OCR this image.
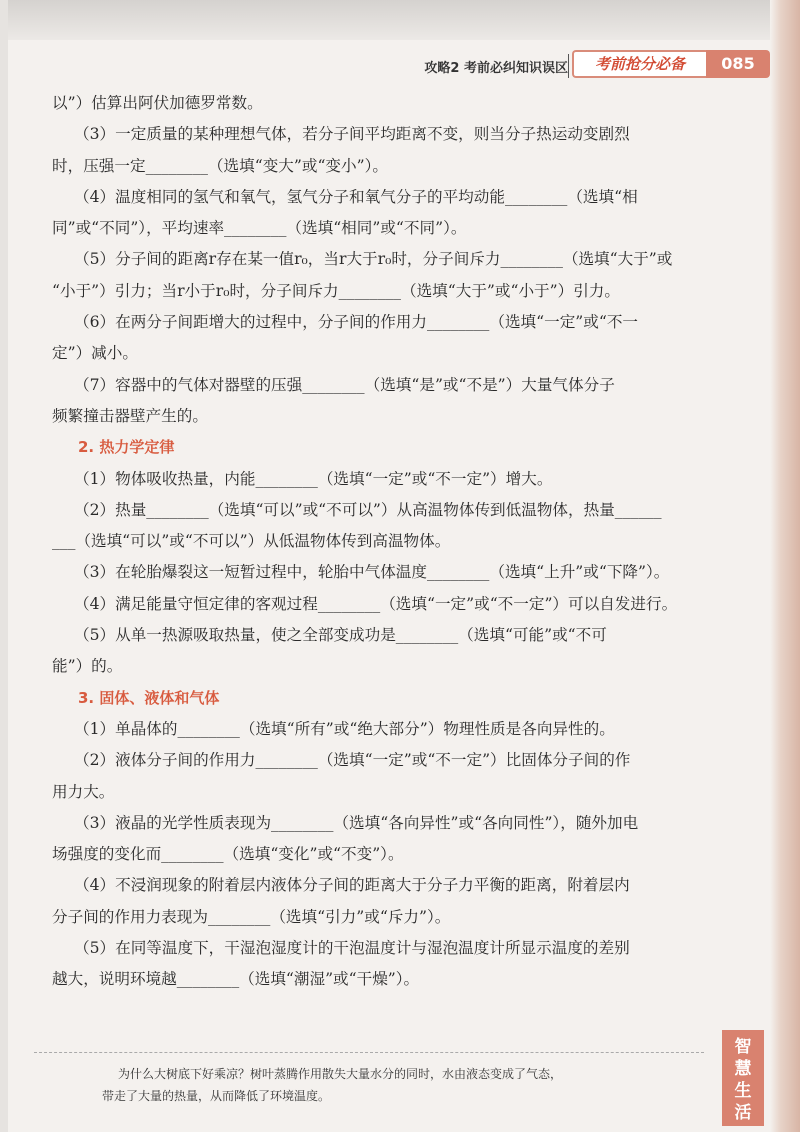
攻略2 考前必纠知识误区	考前抢分必备	085
以”）估算出阿伏加德罗常数。
（3）一定质量的某种理想气体，若分子间平均距离不变，则当分子热运动变剧烈
时，压强一定________（选填“变大”或“变小”）。
（4）温度相同的氢气和氧气，氢气分子和氧气分子的平均动能________（选填“相
同”或“不同”），平均速率________（选填“相同”或“不同”）。
（5）分子间的距离r存在某一值r₀，当r大于r₀时，分子间斥力________（选填“大于”或
“小于”）引力；当r小于r₀时，分子间斥力________（选填“大于”或“小于”）引力。
（6）在两分子间距增大的过程中，分子间的作用力________（选填“一定”或“不一
定”）减小。
（7）容器中的气体对器壁的压强________（选填“是”或“不是”）大量气体分子
频繁撞击器壁产生的。
2. 热力学定律
（1）物体吸收热量，内能________（选填“一定”或“不一定”）增大。
（2）热量________（选填“可以”或“不可以”）从高温物体传到低温物体，热量______
___（选填“可以”或“不可以”）从低温物体传到高温物体。
（3）在轮胎爆裂这一短暂过程中，轮胎中气体温度________（选填“上升”或“下降”）。
（4）满足能量守恒定律的客观过程________（选填“一定”或“不一定”）可以自发进行。
（5）从单一热源吸取热量，使之全部变成功是________（选填“可能”或“不可
能”）的。
3. 固体、液体和气体
（1）单晶体的________（选填“所有”或“绝大部分”）物理性质是各向异性的。
（2）液体分子间的作用力________（选填“一定”或“不一定”）比固体分子间的作
用力大。
（3）液晶的光学性质表现为________（选填“各向异性”或“各向同性”），随外加电
场强度的变化而________（选填“变化”或“不变”）。
（4）不浸润现象的附着层内液体分子间的距离大于分子力平衡的距离，附着层内
分子间的作用力表现为________（选填“引力”或“斥力”）。
（5）在同等温度下，干湿泡湿度计的干泡温度计与湿泡温度计所显示温度的差别
越大，说明环境越________（选填“潮湿”或“干燥”）。
为什么大树底下好乘凉？树叶蒸腾作用散失大量水分的同时，水由液态变成了气态，
带走了大量的热量，从而降低了环境温度。
智
慧
生
活
